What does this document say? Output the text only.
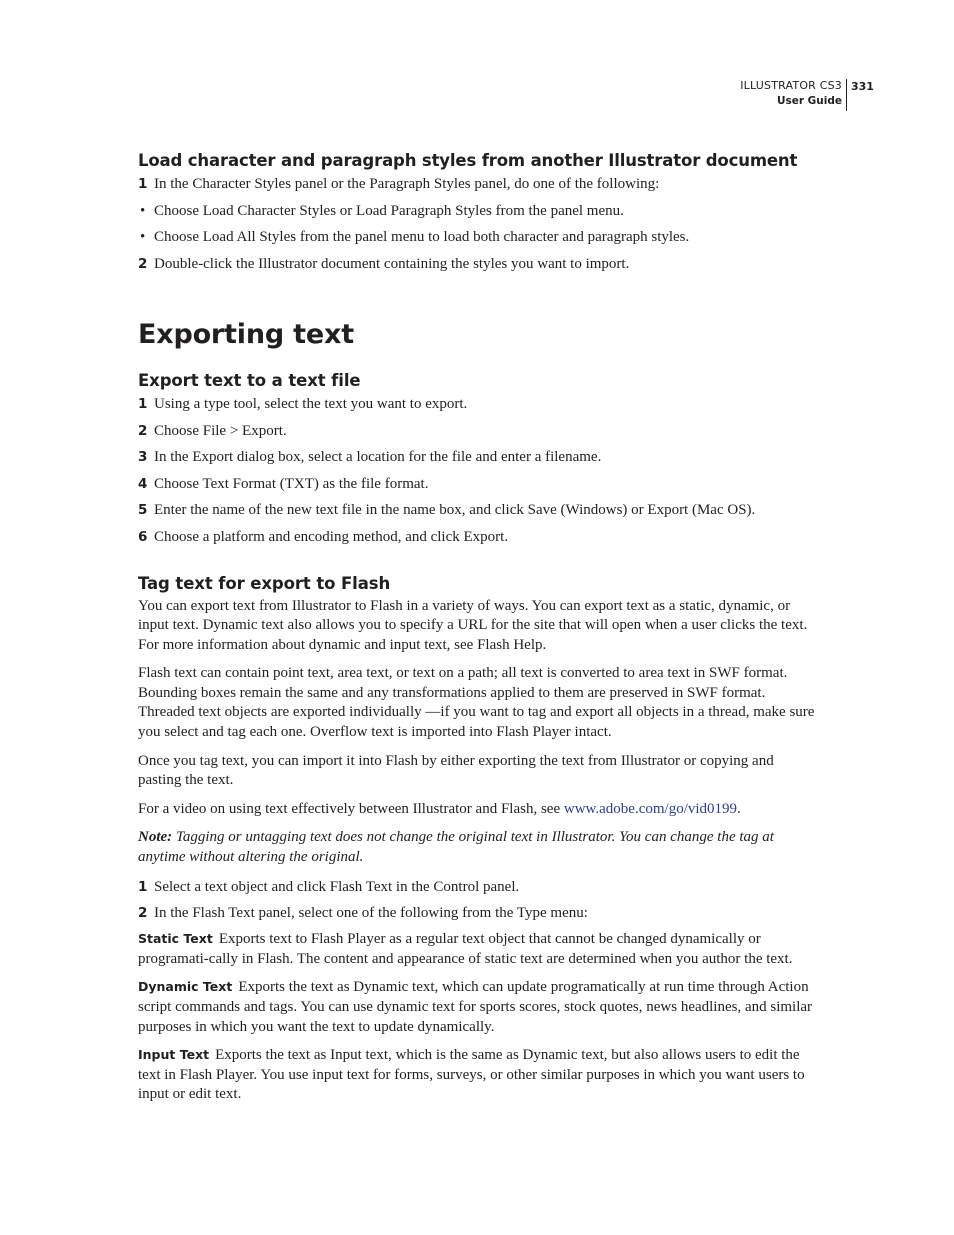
ILLUSTRATOR CS3
User Guide
331
Load character and paragraph styles from another Illustrator document
1 In the Character Styles panel or the Paragraph Styles panel, do one of the following:
• Choose Load Character Styles or Load Paragraph Styles from the panel menu.
• Choose Load All Styles from the panel menu to load both character and paragraph styles.
2 Double-click the Illustrator document containing the styles you want to import.
Exporting text
Export text to a text file
1 Using a type tool, select the text you want to export.
2 Choose File > Export.
3 In the Export dialog box, select a location for the file and enter a filename.
4 Choose Text Format (TXT) as the file format.
5 Enter the name of the new text file in the name box, and click Save (Windows) or Export (Mac OS).
6 Choose a platform and encoding method, and click Export.
Tag text for export to Flash

You can export text from Illustrator to Flash in a variety of ways. You can export text as a static, dynamic, or input text. Dynamic text also allows you to specify a URL for the site that will open when a user clicks the text. For more information about dynamic and input text, see Flash Help.

Flash text can contain point text, area text, or text on a path; all text is converted to area text in SWF format. Bounding boxes remain the same and any transformations applied to them are preserved in SWF format. Threaded text objects are exported individually —if you want to tag and export all objects in a thread, make sure you select and tag each one. Overflow text is imported into Flash Player intact.

Once you tag text, you can import it into Flash by either exporting the text from Illustrator or copying and pasting the text.

For a video on using text effectively between Illustrator and Flash, see www.adobe.com/go/vid0199.

Note: Tagging or untagging text does not change the original text in Illustrator. You can change the tag at anytime without altering the original.

1 Select a text object and click Flash Text in the Control panel.
2 In the Flash Text panel, select one of the following from the Type menu:

Static Text Exports text to Flash Player as a regular text object that cannot be changed dynamically or programati-cally in Flash. The content and appearance of static text are determined when you author the text.

Dynamic Text Exports the text as Dynamic text, which can update programatically at run time through Action script commands and tags. You can use dynamic text for sports scores, stock quotes, news headlines, and similar purposes in which you want the text to update dynamically.

Input Text Exports the text as Input text, which is the same as Dynamic text, but also allows users to edit the text in Flash Player. You use input text for forms, surveys, or other similar purposes in which you want users to input or edit text.
